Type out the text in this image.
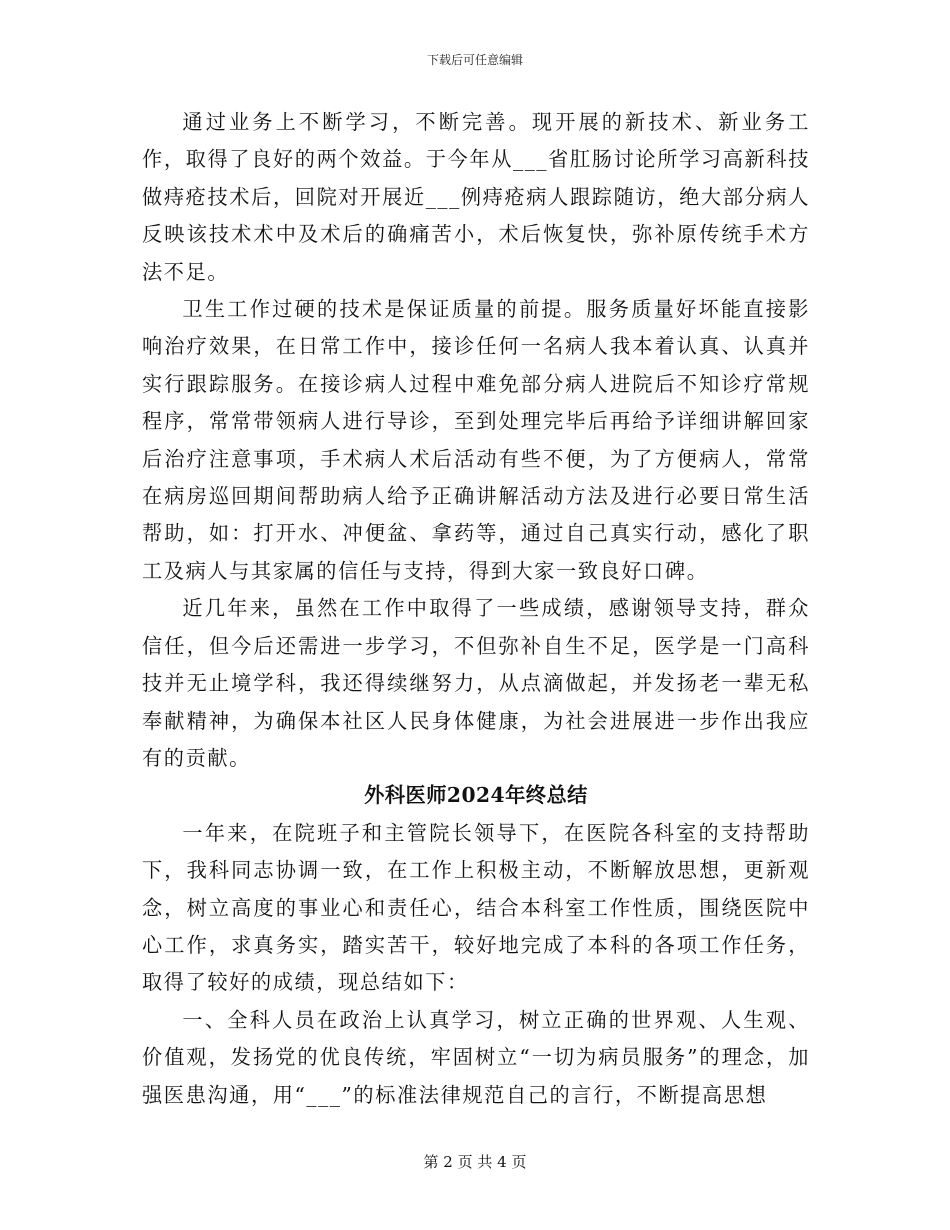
下载后可任意编辑

通过业务上不断学习，不断完善。现开展的新技术、新业务工作，取得了良好的两个效益。于今年从___省肛肠讨论所学习高新科技做痔疮技术后，回院对开展近___例痔疮病人跟踪随访，绝大部分病人反映该技术术中及术后的确痛苦小，术后恢复快，弥补原传统手术方法不足。

卫生工作过硬的技术是保证质量的前提。服务质量好坏能直接影响治疗效果，在日常工作中，接诊任何一名病人我本着认真、认真并实行跟踪服务。在接诊病人过程中难免部分病人进院后不知诊疗常规程序，常常带领病人进行导诊，至到处理完毕后再给予详细讲解回家后治疗注意事项，手术病人术后活动有些不便，为了方便病人，常常在病房巡回期间帮助病人给予正确讲解活动方法及进行必要日常生活帮助，如：打开水、冲便盆、拿药等，通过自己真实行动，感化了职工及病人与其家属的信任与支持，得到大家一致良好口碑。

近几年来，虽然在工作中取得了一些成绩，感谢领导支持，群众信任，但今后还需进一步学习，不但弥补自生不足，医学是一门高科技并无止境学科，我还得续继努力，从点滴做起，并发扬老一辈无私奉献精神，为确保本社区人民身体健康，为社会进展进一步作出我应有的贡献。

外科医师2024年终总结

一年来，在院班子和主管院长领导下，在医院各科室的支持帮助下，我科同志协调一致，在工作上积极主动，不断解放思想，更新观念，树立高度的事业心和责任心，结合本科室工作性质，围绕医院中心工作，求真务实，踏实苦干，较好地完成了本科的各项工作任务，取得了较好的成绩，现总结如下：

一、全科人员在政治上认真学习，树立正确的世界观、人生观、价值观，发扬党的优良传统，牢固树立“一切为病员服务”的理念，加强医患沟通，用“___”的标准法律规范自己的言行，不断提高思想

第 2 页 共 4 页
